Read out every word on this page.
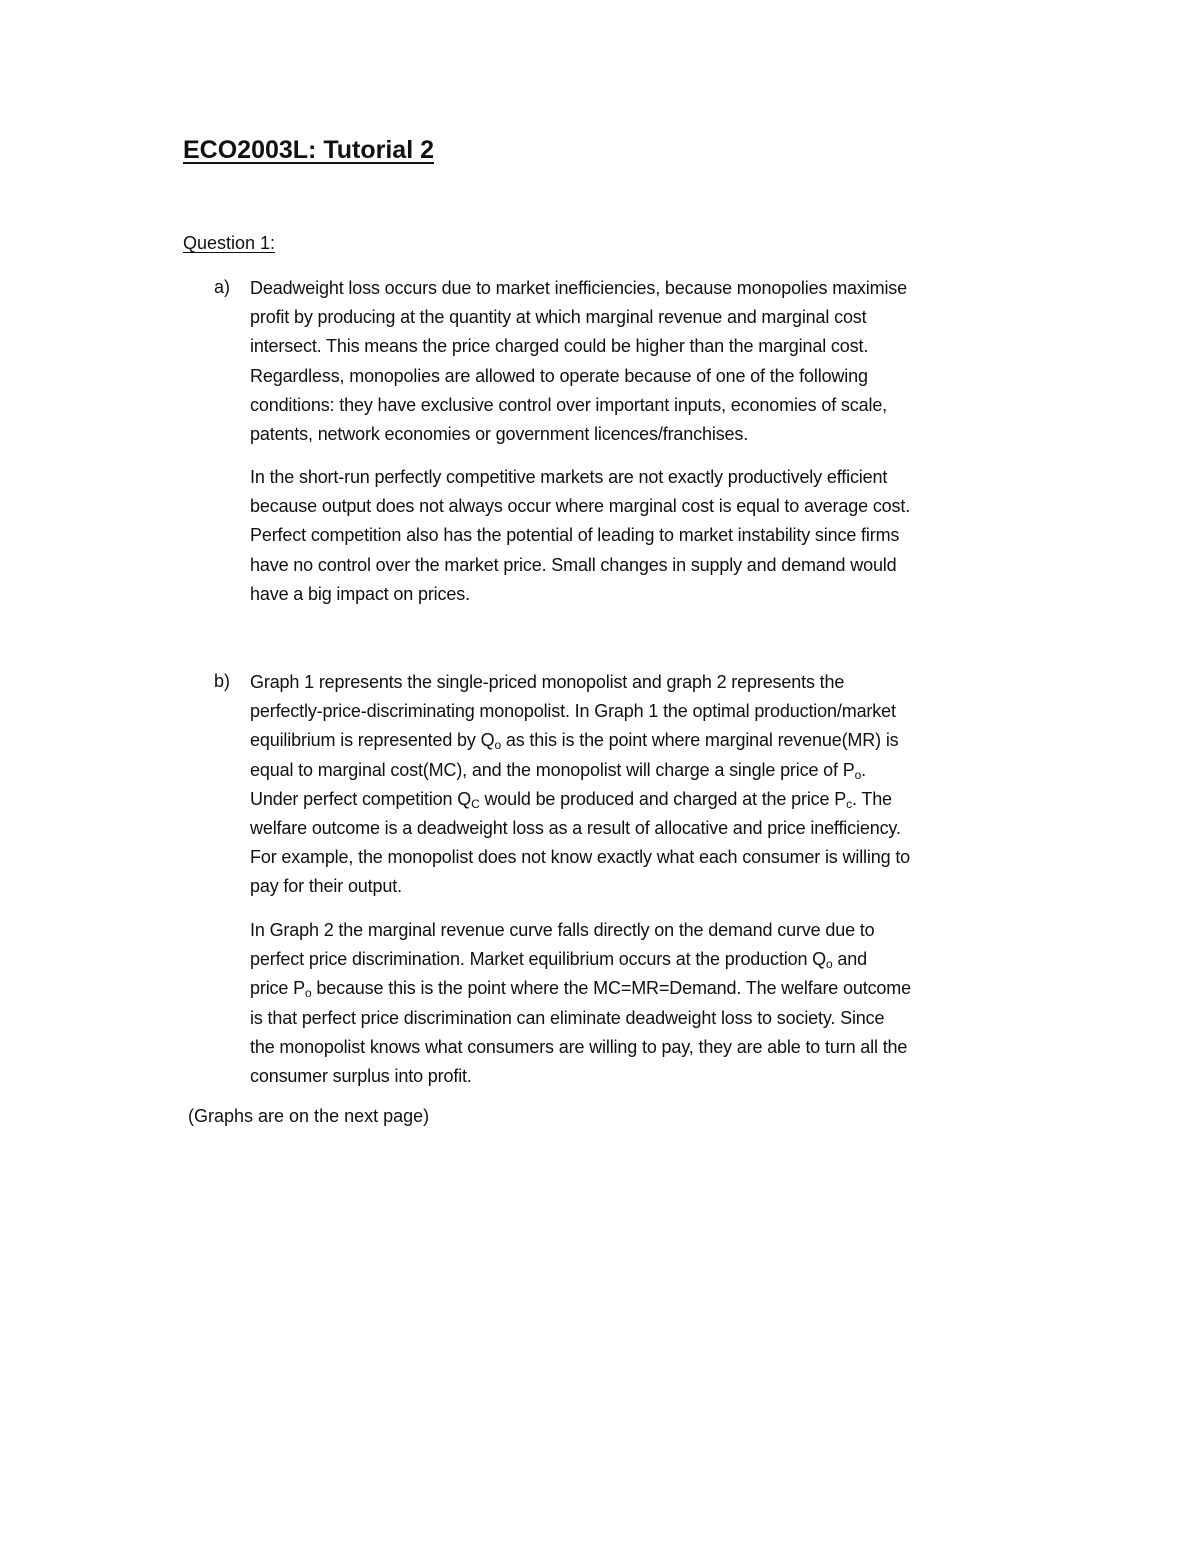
ECO2003L: Tutorial 2
Question 1:
a) Deadweight loss occurs due to market inefficiencies, because monopolies maximise
profit by producing at the quantity at which marginal revenue and marginal cost
intersect. This means the price charged could be higher than the marginal cost.
Regardless, monopolies are allowed to operate because of one of the following
conditions: they have exclusive control over important inputs, economies of scale,
patents, network economies or government licences/franchises.
In the short-run perfectly competitive markets are not exactly productively efficient
because output does not always occur where marginal cost is equal to average cost.
Perfect competition also has the potential of leading to market instability since firms
have no control over the market price. Small changes in supply and demand would
have a big impact on prices.
b) Graph 1 represents the single-priced monopolist and graph 2 represents the
perfectly-price-discriminating monopolist. In Graph 1 the optimal production/market
equilibrium is represented by $Q_o$ as this is the point where marginal revenue(MR) is
equal to marginal cost(MC), and the monopolist will charge a single price of $P_o$.
Under perfect competition $Q_C$ would be produced and charged at the price $P_c$. The
welfare outcome is a deadweight loss as a result of allocative and price inefficiency.
For example, the monopolist does not know exactly what each consumer is willing to
pay for their output.
In Graph 2 the marginal revenue curve falls directly on the demand curve due to
perfect price discrimination. Market equilibrium occurs at the production $Q_o$ and
price $P_o$ because this is the point where the MC=MR=Demand. The welfare outcome
is that perfect price discrimination can eliminate deadweight loss to society. Since
the monopolist knows what consumers are willing to pay, they are able to turn all the
consumer surplus into profit.
(Graphs are on the next page)
